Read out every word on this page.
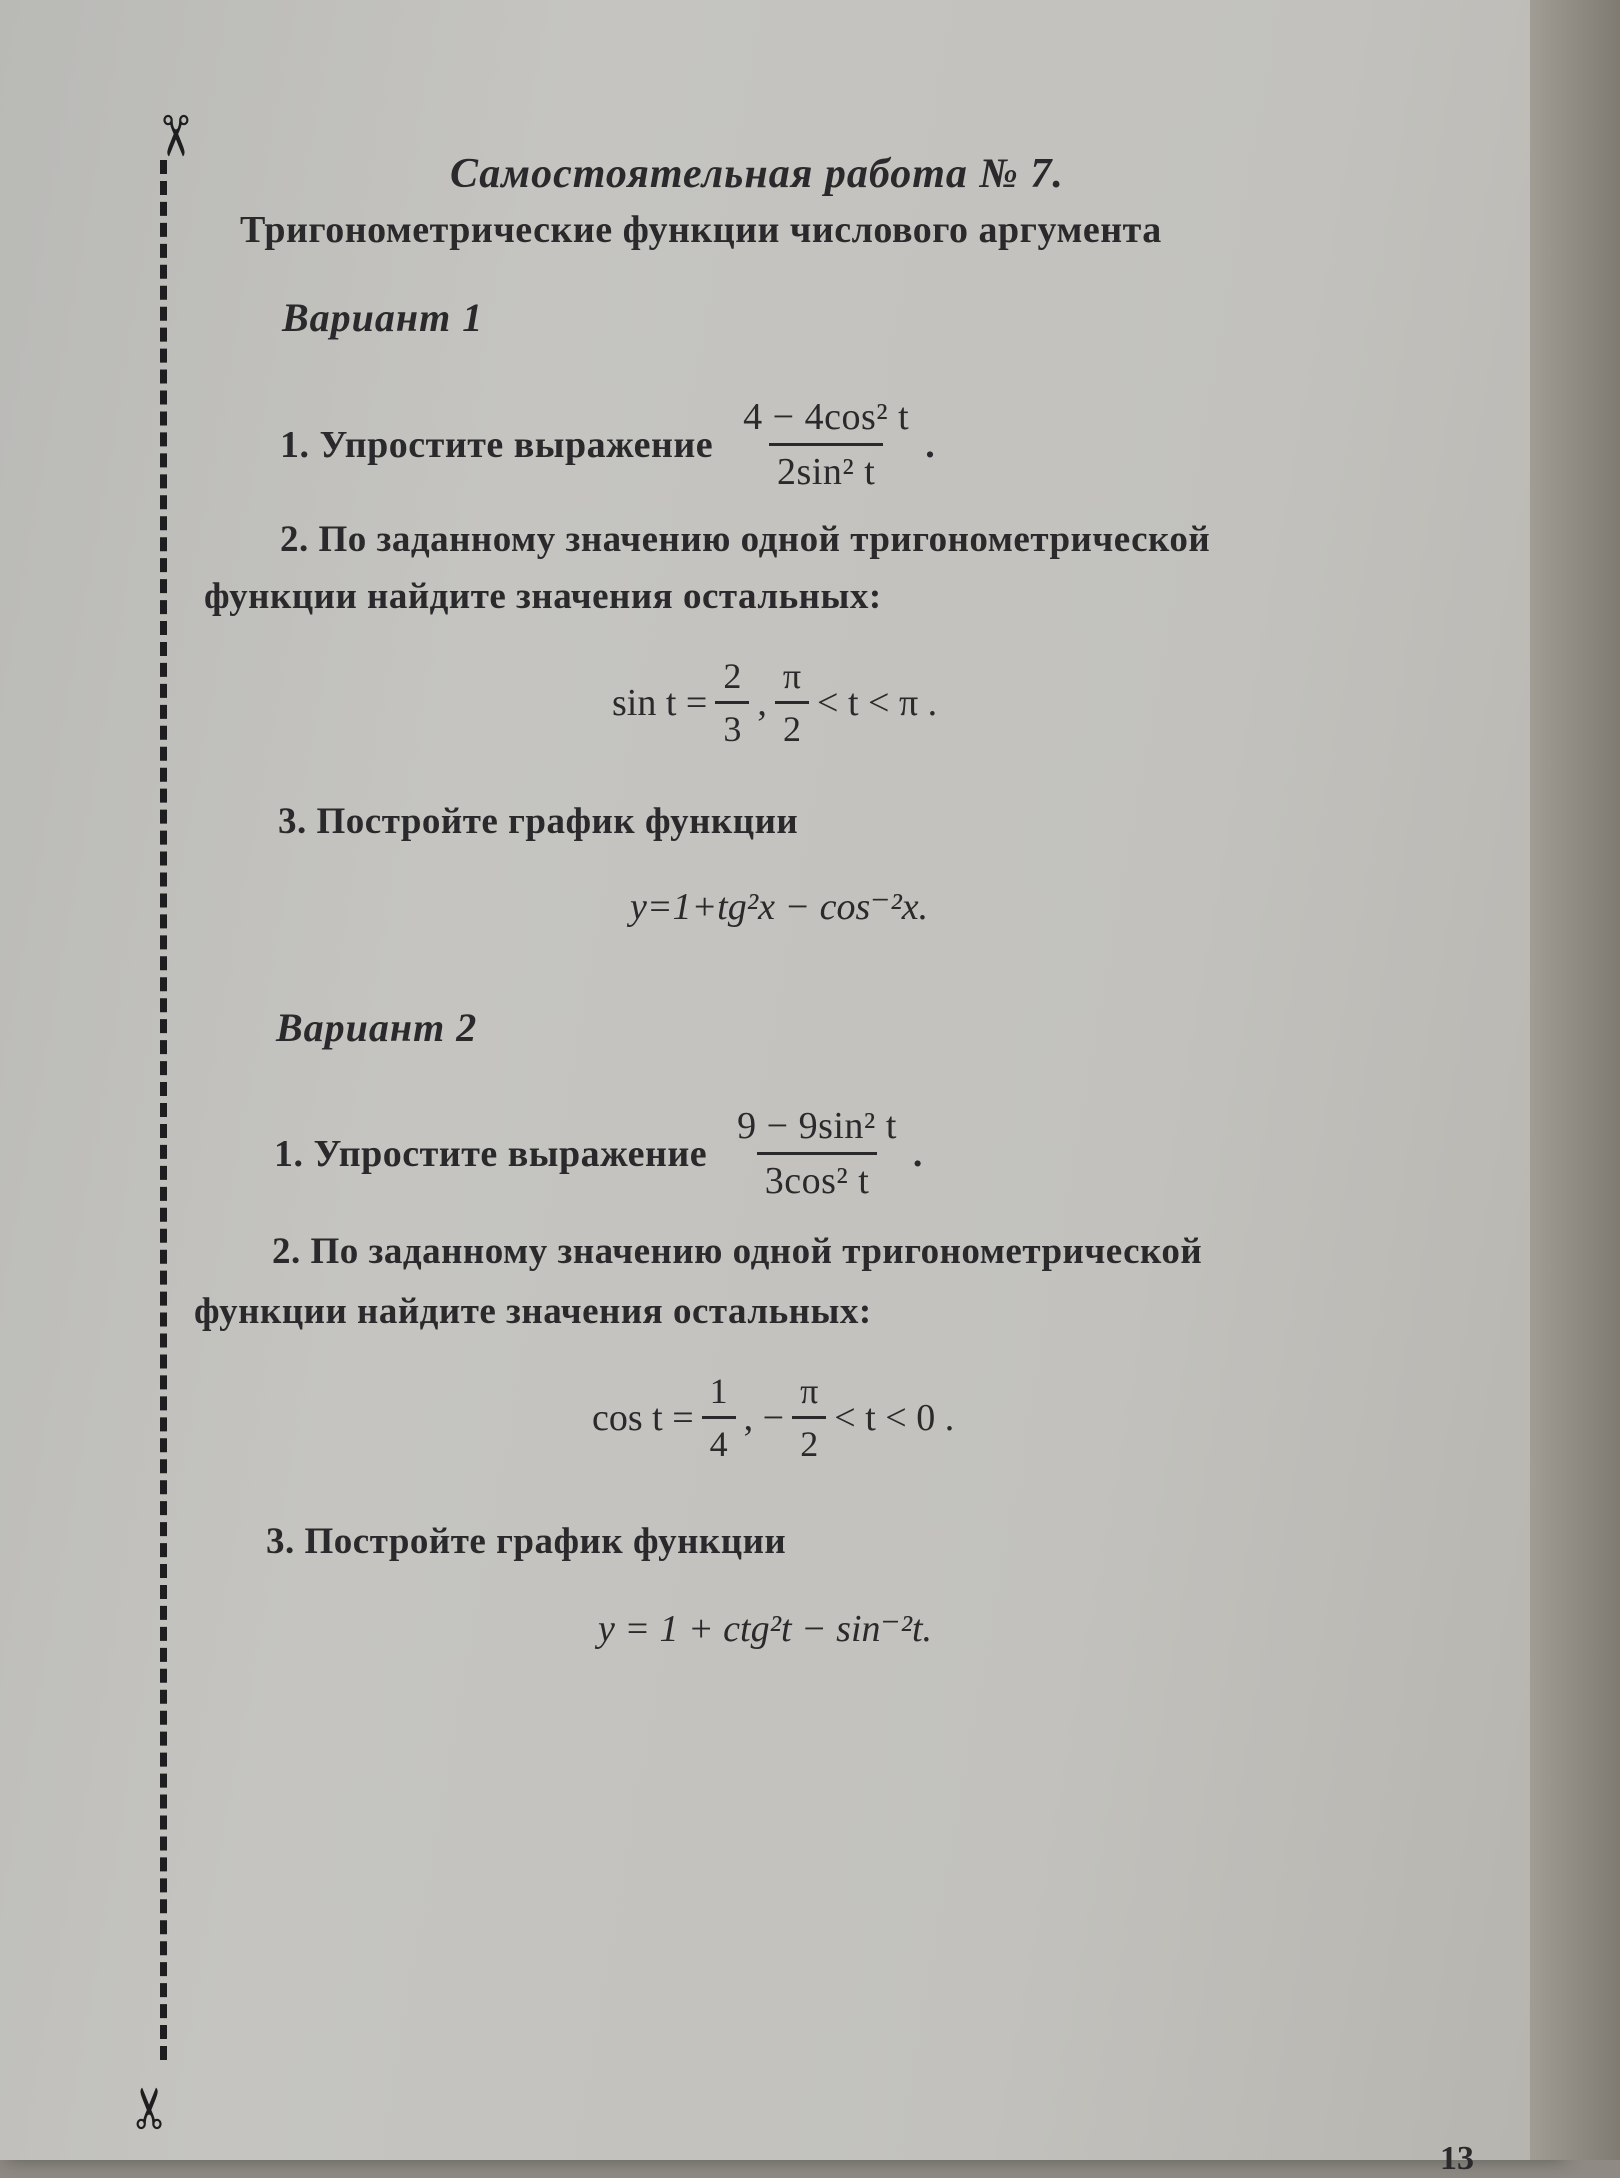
✂
✂
Самостоятельная работа № 7.
Тригонометрические функции числового аргумента
Вариант 1
1. Упростите выражение $\frac{\text{4 − 4cos² t}}{\text{2sin² t}}$ .
2. По заданному значению одной тригонометрической
функции найдите значения остальных:
$\sin t = \frac{2}{3}$ , $\frac{\pi}{2} < t < \pi$ .
3. Постройте график функции
y=1+tg²x − cos⁻²x.
Вариант 2
1. Упростите выражение $\frac{\text{9 − 9sin² t}}{\text{3cos² t}}$ .
2. По заданному значению одной тригонометрической
функции найдите значения остальных:
$\cos t = \frac{1}{4}$ , − $\frac{\pi}{2} < t < 0$ .
3. Постройте график функции
y = 1 + ctg²t − sin⁻²t.
13
